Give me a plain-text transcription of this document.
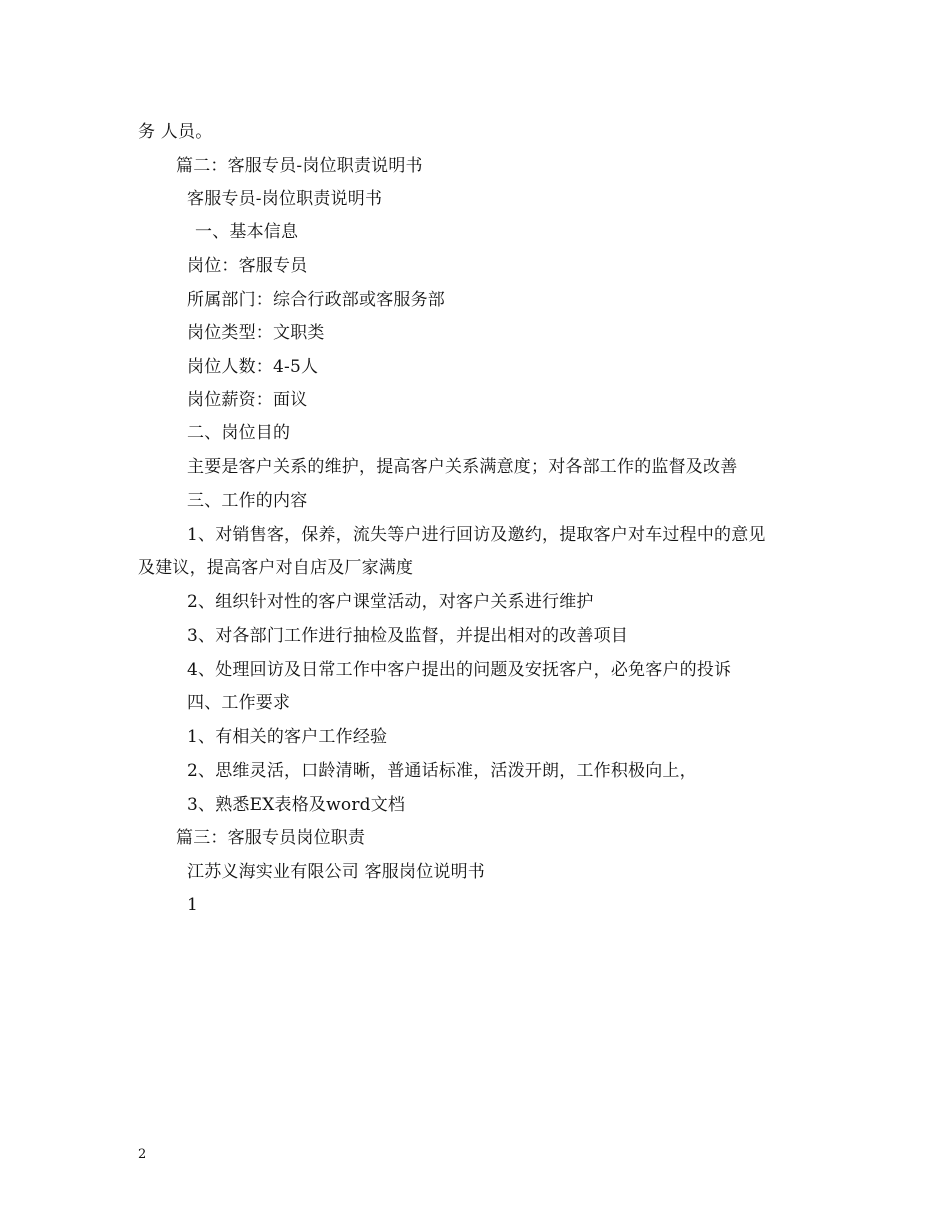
务 人员。
篇二：客服专员-岗位职责说明书
客服专员-岗位职责说明书
一、基本信息
岗位：客服专员
所属部门：综合行政部或客服务部
岗位类型：文职类
岗位人数：4-5人
岗位薪资：面议
二、岗位目的
主要是客户关系的维护，提高客户关系满意度；对各部工作的监督及改善
三、工作的内容
1、对销售客，保养，流失等户进行回访及邀约，提取客户对车过程中的意见
及建议，提高客户对自店及厂家满度
2、组织针对性的客户课堂活动，对客户关系进行维护
3、对各部门工作进行抽检及监督，并提出相对的改善项目
4、处理回访及日常工作中客户提出的问题及安抚客户，必免客户的投诉
四、工作要求
1、有相关的客户工作经验
2、思维灵活，口龄清晰，普通话标准，活泼开朗，工作积极向上，
3、熟悉EX表格及word文档
篇三：客服专员岗位职责
江苏义海实业有限公司 客服岗位说明书
1
2
